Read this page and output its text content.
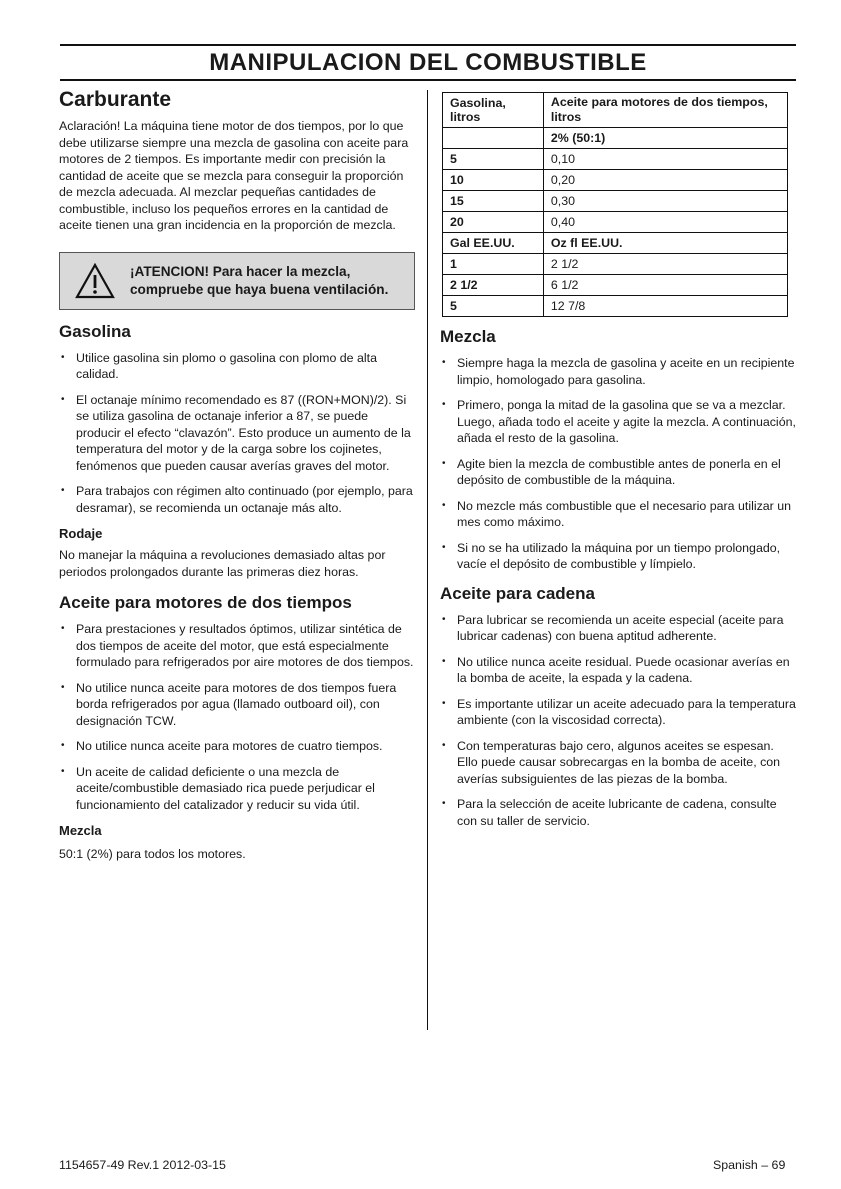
MANIPULACION DEL COMBUSTIBLE
Carburante

Aclaración! La máquina tiene motor de dos tiempos, por lo que debe utilizarse siempre una mezcla de gasolina con aceite para motores de 2 tiempos. Es importante medir con precisión la cantidad de aceite que se mezcla para conseguir la proporción de mezcla adecuada. Al mezclar pequeñas cantidades de combustible, incluso los pequeños errores en la cantidad de aceite tienen una gran incidencia en la proporción de mezcla.

¡ATENCION! Para hacer la mezcla,
compruebe que haya buena ventilación.
Gasolina
• Utilice gasolina sin plomo o gasolina con plomo de alta calidad.
• El octanaje mínimo recomendado es 87 ((RON+MON)/2). Si se utiliza gasolina de octanaje inferior a 87, se puede producir el efecto “clavazón”. Esto produce un aumento de la temperatura del motor y de la carga sobre los cojinetes, fenómenos que pueden causar averías graves del motor.
• Para trabajos con régimen alto continuado (por ejemplo, para desramar), se recomienda un octanaje más alto.
Rodaje

No manejar la máquina a revoluciones demasiado altas por periodos prolongados durante las primeras diez horas.

Aceite para motores de dos tiempos
• Para prestaciones y resultados óptimos, utilizar sintética de dos tiempos de aceite del motor, que está especialmente formulado para refrigerados por aire motores de dos tiempos.
• No utilice nunca aceite para motores de dos tiempos fuera borda refrigerados por agua (llamado outboard oil), con designación TCW.
• No utilice nunca aceite para motores de cuatro tiempos.
• Un aceite de calidad deficiente o una mezcla de aceite/combustible demasiado rica puede perjudicar el funcionamiento del catalizador y reducir su vida útil.
Mezcla

50:1 (2%) para todos los motores.

Gasolina, litros	Aceite para motores de dos tiempos, litros
	2% (50:1)
5	0,10
10	0,20
15	0,30
20	0,40
Gal EE.UU.	Oz fl EE.UU.
1	2 1/2
2 1/2	6 1/2
5	12 7/8
Mezcla
• Siempre haga la mezcla de gasolina y aceite en un recipiente limpio, homologado para gasolina.
• Primero, ponga la mitad de la gasolina que se va a mezclar. Luego, añada todo el aceite y agite la mezcla. A continuación, añada el resto de la gasolina.
• Agite bien la mezcla de combustible antes de ponerla en el depósito de combustible de la máquina.
• No mezcle más combustible que el necesario para utilizar un mes como máximo.
• Si no se ha utilizado la máquina por un tiempo prolongado, vacíe el depósito de combustible y límpielo.
Aceite para cadena
• Para lubricar se recomienda un aceite especial (aceite para lubricar cadenas) con buena aptitud adherente.
• No utilice nunca aceite residual. Puede ocasionar averías en la bomba de aceite, la espada y la cadena.
• Es importante utilizar un aceite adecuado para la temperatura ambiente (con la viscosidad correcta).
• Con temperaturas bajo cero, algunos aceites se espesan. Ello puede causar sobrecargas en la bomba de aceite, con averías subsiguientes de las piezas de la bomba.
• Para la selección de aceite lubricante de cadena, consulte con su taller de servicio.
1154657-49 Rev.1 2012-03-15	Spanish – 69
